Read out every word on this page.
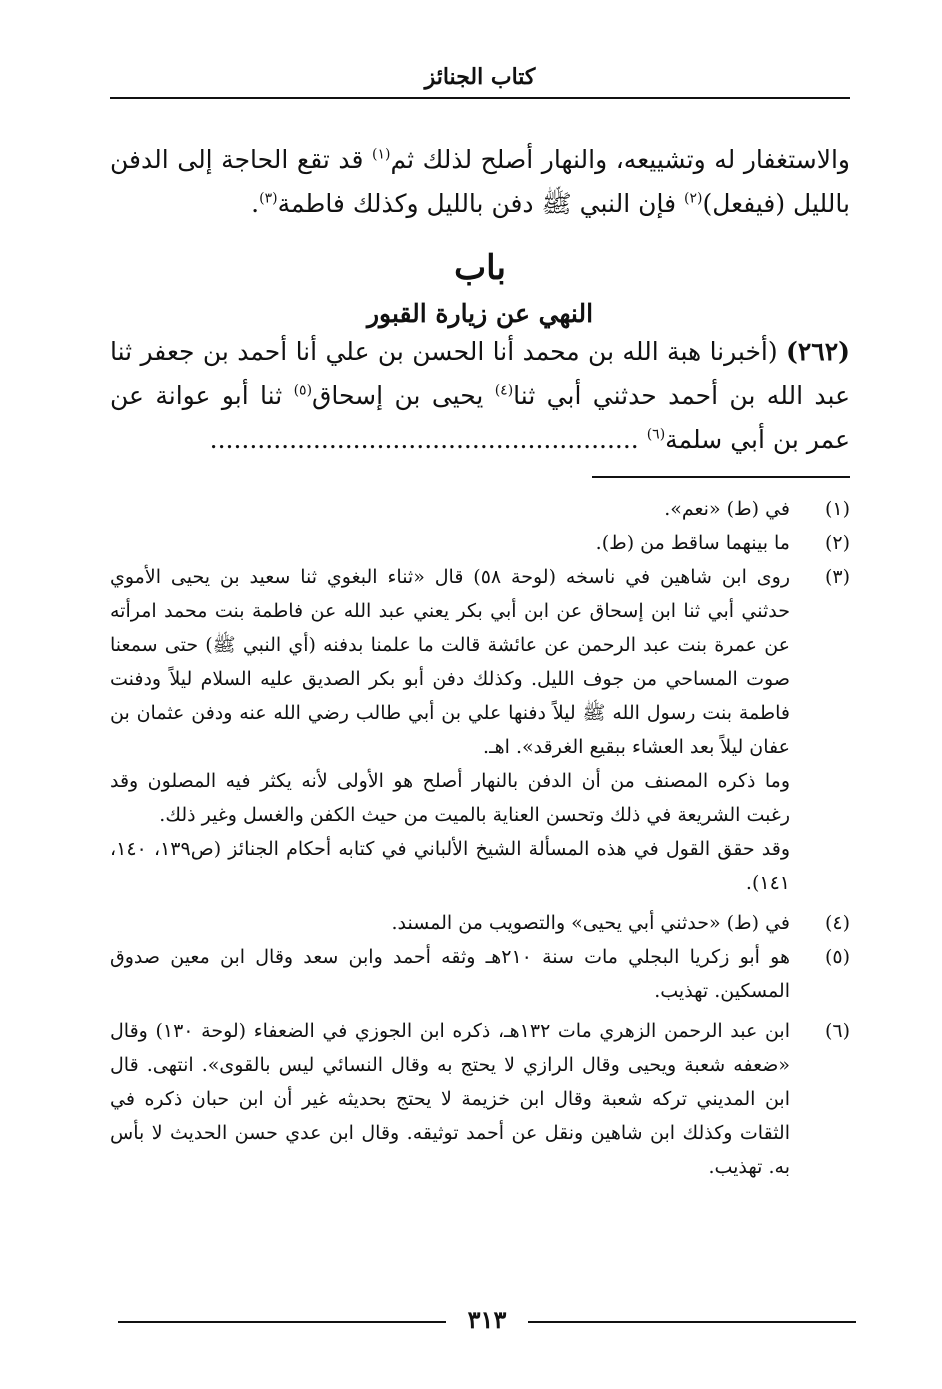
كتاب الجنائز

والاستغفار له وتشييعه، والنهار أصلح لذلك ثم$^{(١)}$ قد تقع الحاجة إلى الدفن بالليل (فيفعل)$^{(٢)}$ فإن النبي ﷺ دفن بالليل وكذلك فاطمة$^{(٣)}$.

باب
النهي عن زيارة القبور

(٢٦٢) (أخبرنا هبة الله بن محمد أنا الحسن بن علي أنا أحمد بن جعفر ثنا عبد الله بن أحمد حدثني أبي ثنا$^{(٤)}$ يحيى بن إسحاق$^{(٥)}$ ثنا أبو عوانة عن عمر بن أبي سلمة$^{(٦)}$ ......................................................

(١)

في (ط) «نعم».

(٢)

ما بينهما ساقط من (ط).

(٣)

روى ابن شاهين في ناسخه (لوحة ٥٨) قال «ثناء البغوي ثنا سعيد بن يحيى الأموي حدثني أبي ثنا ابن إسحاق عن ابن أبي بكر يعني عبد الله عن فاطمة بنت محمد امرأته عن عمرة بنت عبد الرحمن عن عائشة قالت ما علمنا بدفنه (أي النبي ﷺ) حتى سمعنا صوت المساحي من جوف الليل. وكذلك دفن أبو بكر الصديق عليه السلام ليلاً ودفنت فاطمة بنت رسول الله ﷺ ليلاً دفنها علي بن أبي طالب رضي الله عنه ودفن عثمان بن عفان ليلاً بعد العشاء ببقيع الغرقد». اهـ.

وما ذكره المصنف من أن الدفن بالنهار أصلح هو الأولى لأنه يكثر فيه المصلون وقد رغبت الشريعة في ذلك وتحسن العناية بالميت من حيث الكفن والغسل وغير ذلك.

وقد حقق القول في هذه المسألة الشيخ الألباني في كتابه أحكام الجنائز (ص١٣٩، ١٤٠، ١٤١).

(٤)

في (ط) «حدثني أبي يحيى» والتصويب من المسند.

(٥)

هو أبو زكريا البجلي مات سنة ٢١٠هـ وثقه أحمد وابن سعد وقال ابن معين صدوق المسكين. تهذيب.

(٦)

ابن عبد الرحمن الزهري مات ١٣٢هـ، ذكره ابن الجوزي في الضعفاء (لوحة ١٣٠) وقال «ضعفه شعبة ويحيى وقال الرازي لا يحتج به وقال النسائي ليس بالقوى». انتهى. قال ابن المديني تركه شعبة وقال ابن خزيمة لا يحتج بحديثه غير أن ابن حبان ذكره في الثقات وكذلك ابن شاهين ونقل عن أحمد توثيقه. وقال ابن عدي حسن الحديث لا بأس به. تهذيب.

٣١٣
